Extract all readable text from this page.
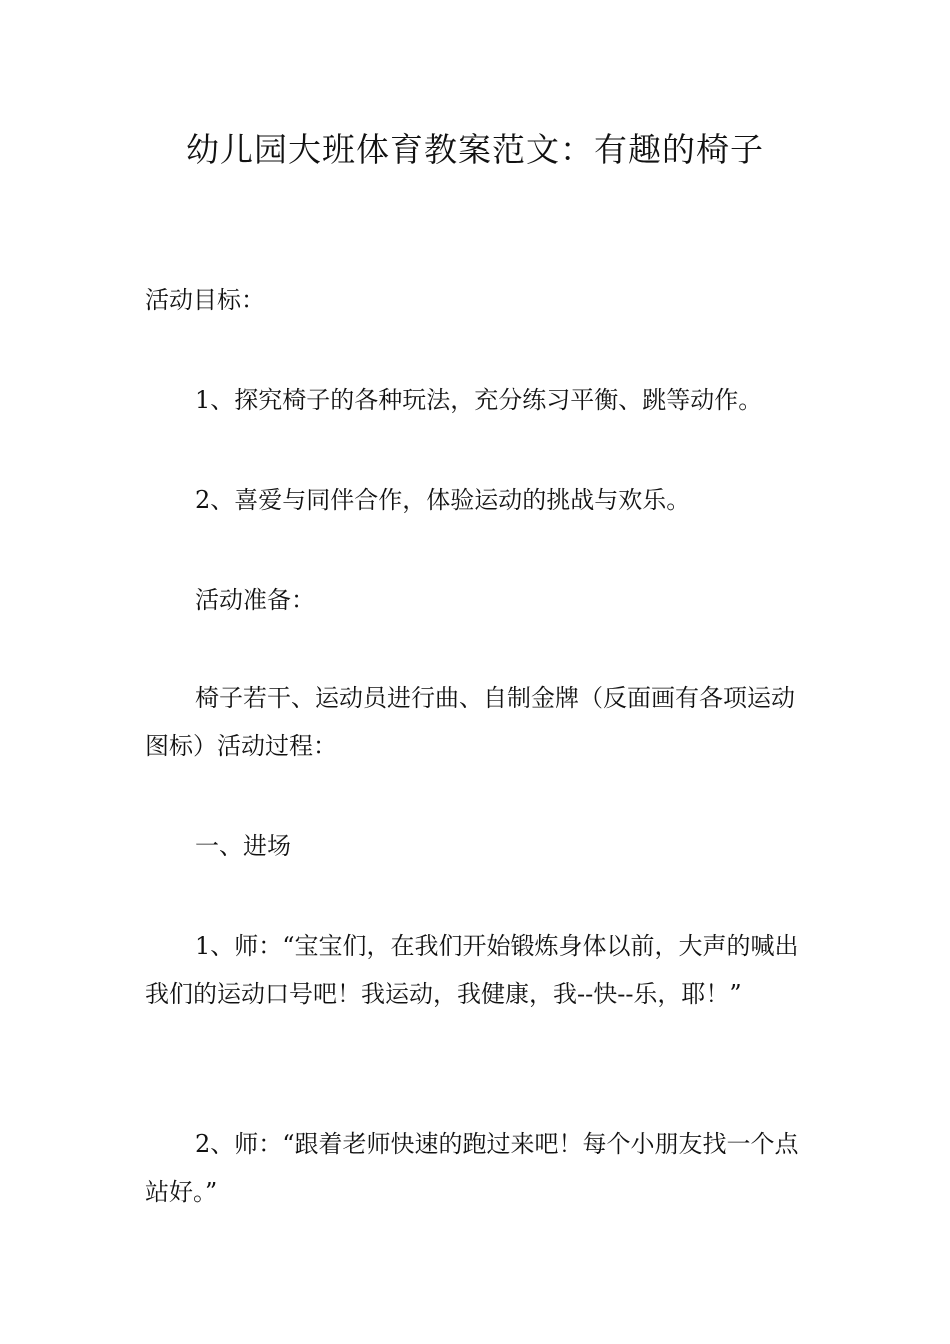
幼儿园大班体育教案范文：有趣的椅子

活动目标：

1、探究椅子的各种玩法，充分练习平衡、跳等动作。

2、喜爱与同伴合作，体验运动的挑战与欢乐。

活动准备：

椅子若干、运动员进行曲、自制金牌（反面画有各项运动图标）活动过程：

一、进场

1、师：“宝宝们，在我们开始锻炼身体以前，大声的喊出我们的运动口号吧！我运动，我健康，我--快--乐，耶！”

2、师：“跟着老师快速的跑过来吧！每个小朋友找一个点站好。”
